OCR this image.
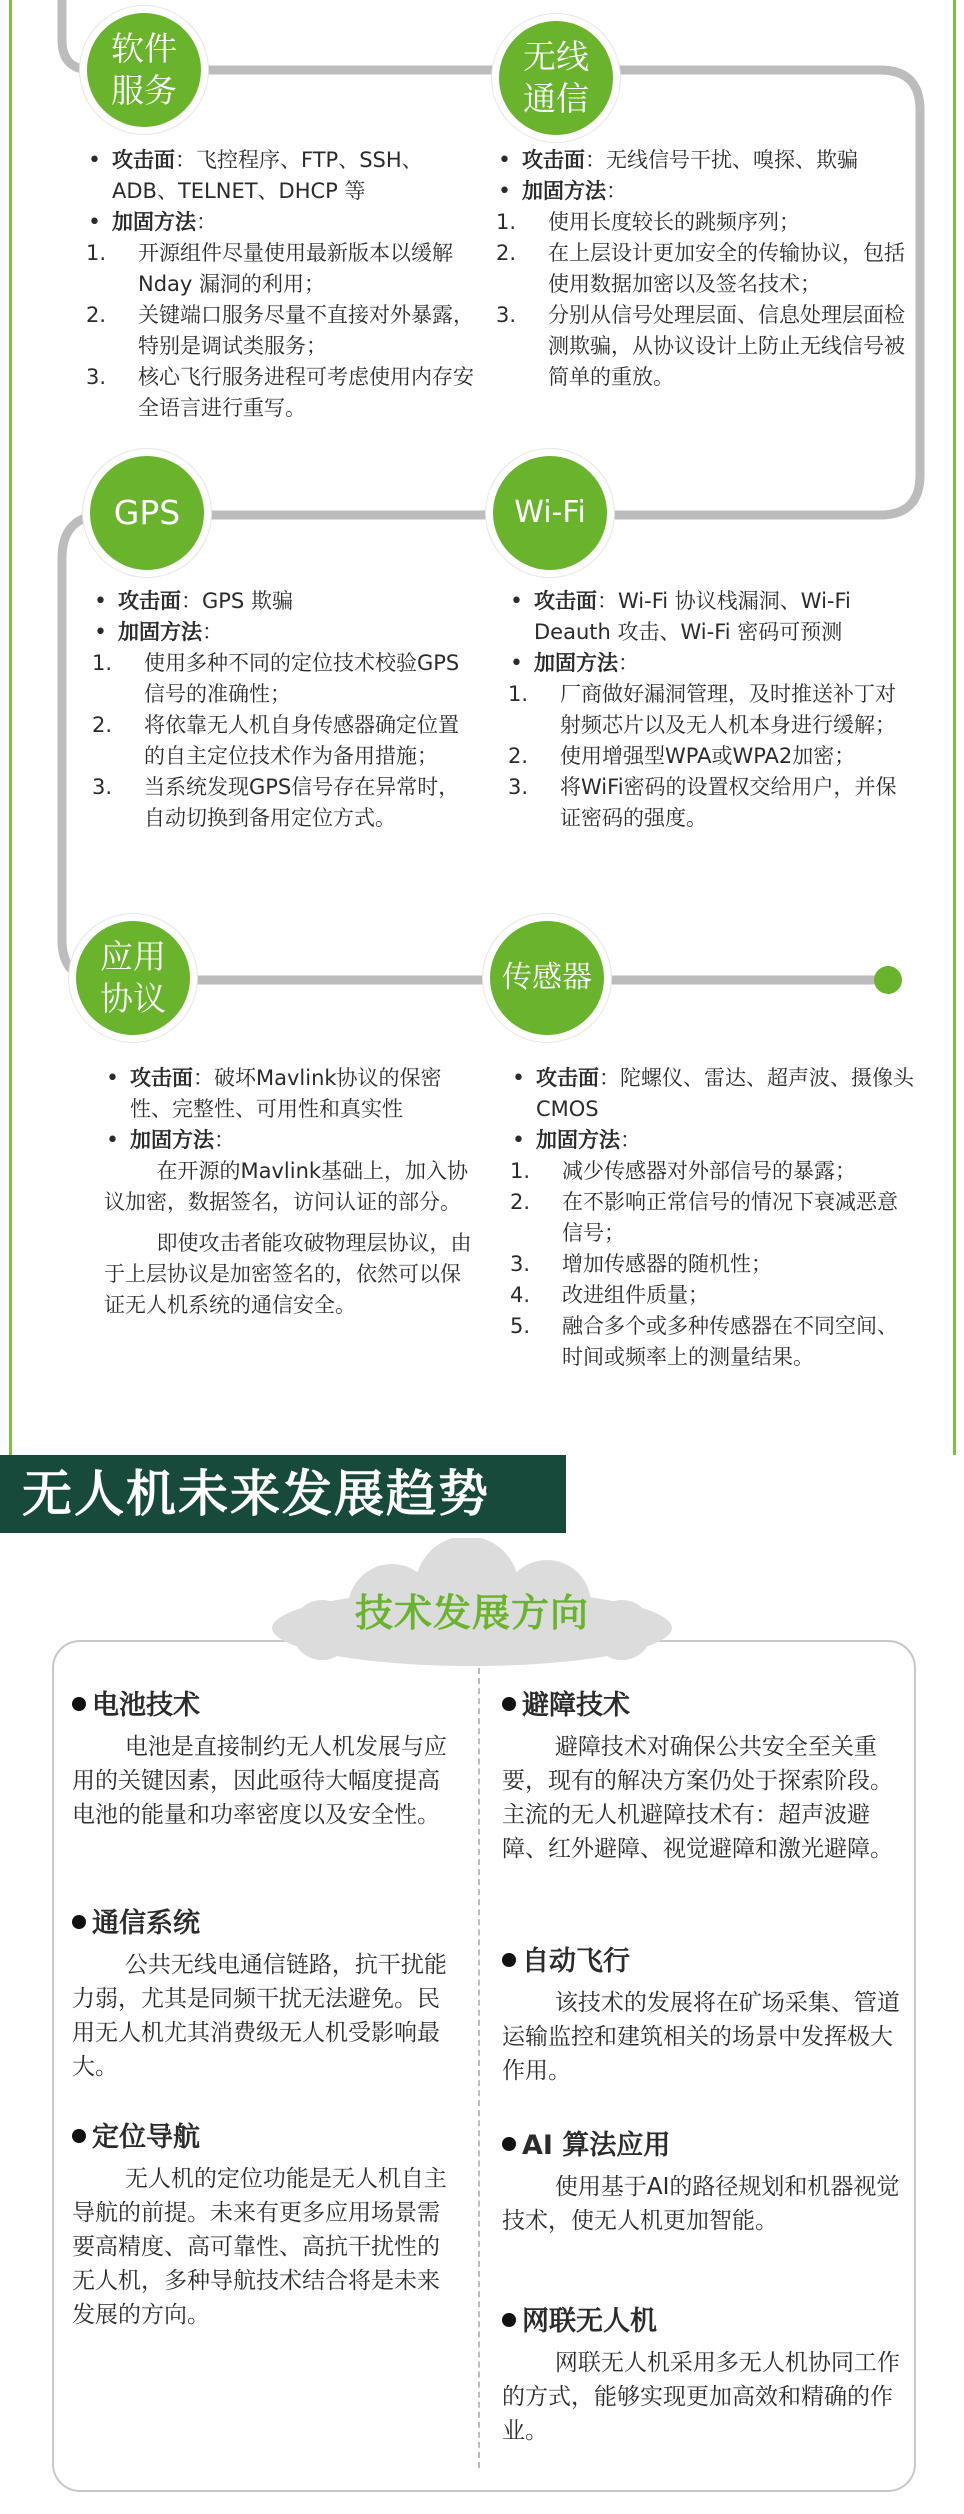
软件服务
无线通信
GPS	Wi-Fi
应用协议
传感器
• 攻击面：飞控程序、FTP、SSH、ADB、TELNET、DHCP 等
• 加固方法：
1. 开源组件尽量使用最新版本以缓解 Nday 漏洞的利用；
2. 关键端口服务尽量不直接对外暴露，特别是调试类服务；
3. 核心飞行服务进程可考虑使用内存安全语言进行重写。
• 攻击面：无线信号干扰、嗅探、欺骗
• 加固方法：
1. 使用长度较长的跳频序列；
2. 在上层设计更加安全的传输协议，包括使用数据加密以及签名技术；
3. 分别从信号处理层面、信息处理层面检测欺骗，从协议设计上防止无线信号被简单的重放。
• 攻击面：GPS 欺骗
• 加固方法：
1. 使用多种不同的定位技术校验GPS信号的准确性；
2. 将依靠无人机自身传感器确定位置的自主定位技术作为备用措施；
3. 当系统发现GPS信号存在异常时，自动切换到备用定位方式。
• 攻击面：Wi-Fi 协议栈漏洞、Wi-Fi Deauth 攻击、Wi-Fi 密码可预测
• 加固方法：
1. 厂商做好漏洞管理，及时推送补丁对射频芯片以及无人机本身进行缓解；
2. 使用增强型WPA或WPA2加密；
3. 将WiFi密码的设置权交给用户，并保证密码的强度。
• 攻击面：破坏Mavlink协议的保密性、完整性、可用性和真实性
• 加固方法：
在开源的Mavlink基础上，加入协议加密，数据签名，访问认证的部分。
即使攻击者能攻破物理层协议，由于上层协议是加密签名的，依然可以保证无人机系统的通信安全。
• 攻击面：陀螺仪、雷达、超声波、摄像头CMOS
• 加固方法：
1. 减少传感器对外部信号的暴露；
2. 在不影响正常信号的情况下衰减恶意信号；
3. 增加传感器的随机性；
4. 改进组件质量；
5. 融合多个或多种传感器在不同空间、时间或频率上的测量结果。
无人机未来发展趋势
技术发展方向
电池技术
电池是直接制约无人机发展与应用的关键因素，因此亟待大幅度提高电池的能量和功率密度以及安全性。
通信系统
公共无线电通信链路，抗干扰能力弱，尤其是同频干扰无法避免。民用无人机尤其消费级无人机受影响最大。
定位导航
无人机的定位功能是无人机自主导航的前提。未来有更多应用场景需要高精度、高可靠性、高抗干扰性的无人机，多种导航技术结合将是未来发展的方向。
避障技术
避障技术对确保公共安全至关重要，现有的解决方案仍处于探索阶段。主流的无人机避障技术有：超声波避障、红外避障、视觉避障和激光避障。
自动飞行
该技术的发展将在矿场采集、管道运输监控和建筑相关的场景中发挥极大作用。
AI 算法应用
使用基于AI的路径规划和机器视觉技术，使无人机更加智能。
网联无人机
网联无人机采用多无人机协同工作的方式，能够实现更加高效和精确的作业。
